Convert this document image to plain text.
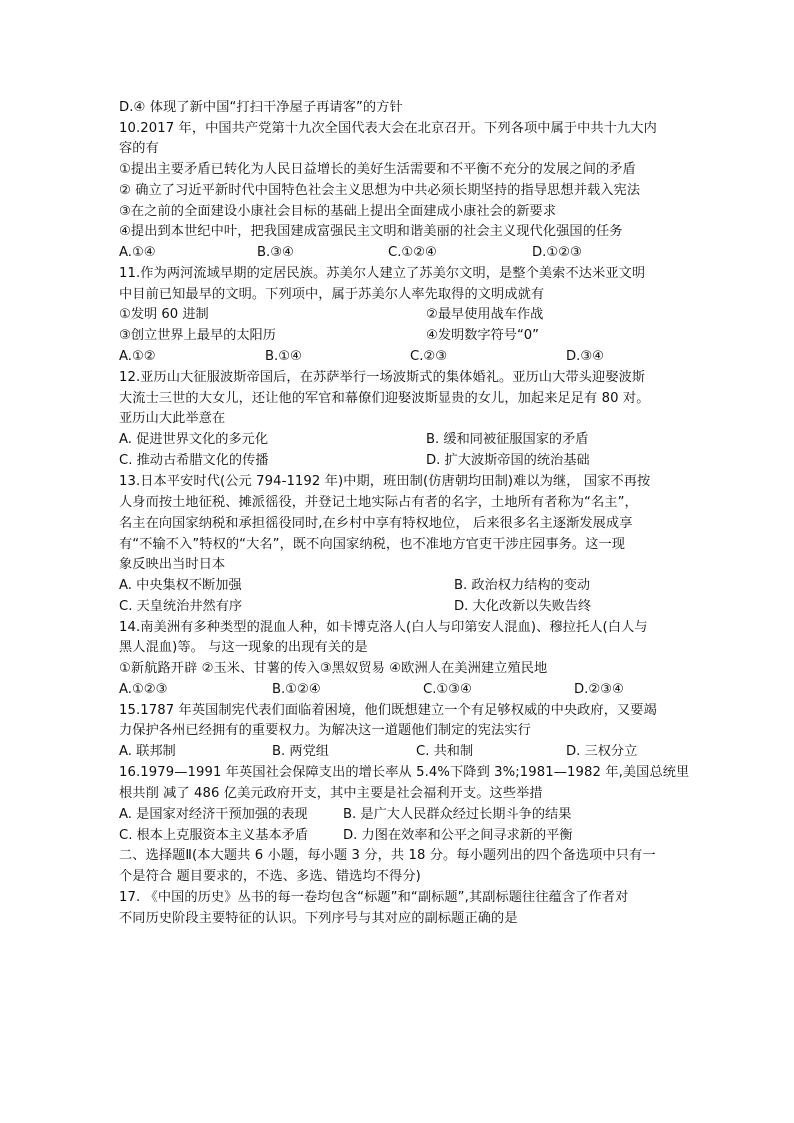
D.④ 体现了新中国“打扫干净屋子再请客”的方针
10.2017 年，中国共产党第十九次全国代表大会在北京召开。下列各项中属于中共十九大内
容的有
①提出主要矛盾已转化为人民日益增长的美好生活需要和不平衡不充分的发展之间的矛盾
② 确立了习近平新时代中国特色社会主义思想为中共必须长期坚持的指导思想并载入宪法
③在之前的全面建设小康社会目标的基础上提出全面建成小康社会的新要求
④提出到本世纪中叶，把我国建成富强民主文明和谐美丽的社会主义现代化强国的任务
A.①④	B.③④	C.①②④	D.①②③
11.作为两河流域早期的定居民族。苏美尔人建立了苏美尔文明，是整个美索不达米亚文明
中目前已知最早的文明。下列项中，属于苏美尔人率先取得的文明成就有
①发明 60 进制	②最早使用战车作战
③创立世界上最早的太阳历	④发明数字符号“0”
A.①②	B.①④	C.②③	D.③④
12.亚历山大征服波斯帝国后，在苏萨举行一场波斯式的集体婚礼。亚历山大带头迎娶波斯
大流士三世的大女儿，还让他的军官和幕僚们迎娶波斯显贵的女儿，加起来足足有 80 对。
亚历山大此举意在
A. 促进世界文化的多元化	B. 缓和同被征服国家的矛盾
C. 推动古希腊文化的传播	D. 扩大波斯帝国的统治基础
13.日本平安时代(公元 794-1192 年)中期，班田制(仿唐朝均田制)难以为继， 国家不再按
人身而按土地征税、摊派徭役，并登记土地实际占有者的名字，土地所有者称为“名主”，
名主在向国家纳税和承担徭役同时,在乡村中享有特权地位， 后来很多名主逐渐发展成享
有“不输不入”特权的“大名”，既不向国家纳税，也不准地方官吏干涉庄园事务。这一现
象反映出当时日本
A. 中央集权不断加强	B. 政治权力结构的变动
C. 天皇统治井然有序	D. 大化改新以失败告终
14.南美洲有多种类型的混血人种，如卡博克洛人(白人与印第安人混血)、穆拉托人(白人与
黑人混血)等。 与这一现象的出现有关的是
①新航路开辟 ②玉米、甘薯的传入③黑奴贸易 ④欧洲人在美洲建立殖民地
A.①②③	B.①②④	C.①③④	D.②③④
15.1787 年英国制宪代表们面临着困境，他们既想建立一个有足够权威的中央政府，又要竭
力保护各州已经拥有的重要权力。为解决这一道题他们制定的宪法实行
A. 联邦制	B. 两党组	C. 共和制	D. 三权分立
16.1979—1991 年英国社会保障支出的增长率从 5.4%下降到 3%;1981—1982 年,美国总统里
根共削 减了 486 亿美元政府开支，其中主要是社会福利开支。这些举措
A. 是国家对经济干预加强的表现	B. 是广大人民群众经过长期斗争的结果
C. 根本上克服资本主义基本矛盾	D. 力图在效率和公平之间寻求新的平衡
二、选择题Ⅱ(本大题共 6 小题，每小题 3 分，共 18 分。每小题列出的四个备选项中只有一
个是符合 题目要求的，不选、多选、错选均不得分)
17. 《中国的历史》丛书的每一卷均包含“标题”和“副标题”,其副标题往往蕴含了作者对
不同历史阶段主要特征的认识。下列序号与其对应的副标题正确的是
